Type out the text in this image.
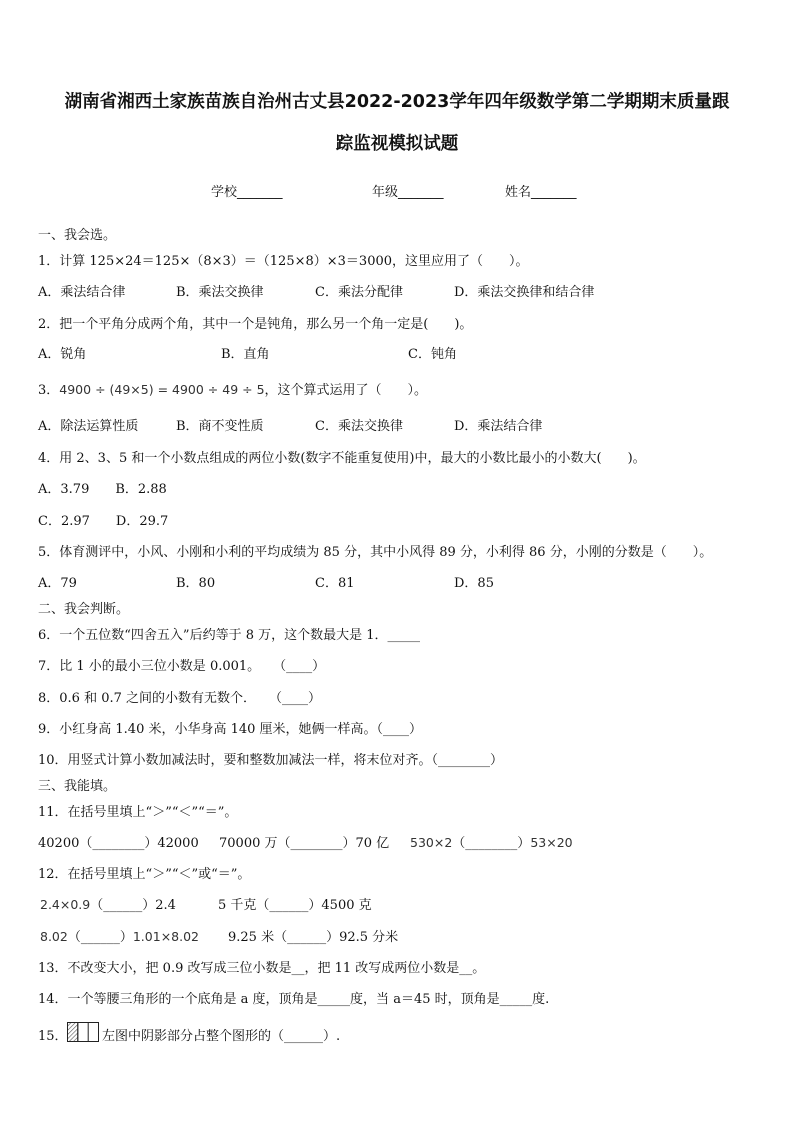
湖南省湘西土家族苗族自治州古丈县2022-2023学年四年级数学第二学期期末质量跟
踪监视模拟试题
学校_______	年级_______	姓名_______
一、我会选。
1．计算 125×24＝125×（8×3）＝（125×8）×3＝3000，这里应用了（　　）。
A．乘法结合律	B．乘法交换律	C．乘法分配律	D．乘法交换律和结合律
2．把一个平角分成两个角，其中一个是钝角，那么另一个角一定是(　　)。
A．锐角	B．直角	C．钝角
3．4900 ÷ (49×5) = 4900 ÷ 49 ÷ 5，这个算式运用了（　　）。
A．除法运算性质	B．商不变性质	C．乘法交换律	D．乘法结合律
4．用 2、3、5 和一个小数点组成的两位小数(数字不能重复使用)中，最大的小数比最小的小数大(　　)。
A．3.79　　B．2.88
C．2.97　　D．29.7
5．体育测评中，小风、小刚和小利的平均成绩为 85 分，其中小风得 89 分，小利得 86 分，小刚的分数是（　　）。
A．79	B．80	C．81	D．85
二、我会判断。
6．一个五位数“四舍五入”后约等于 8 万，这个数最大是 1．_____
7．比 1 小的最小三位小数是 0.001。　　（____）
8．0.6 和 0.7 之间的小数有无数个．　　（____）
9．小红身高 1.40 米，小华身高 140 厘米，她俩一样高。（____）
10．用竖式计算小数加减法时，要和整数加减法一样，将末位对齐。（________）
三、我能填。
11．在括号里填上“＞”“＜”“＝”。
40200（________）42000 70000 万（________）70 亿 530×2（________）53×20
12．在括号里填上“＞”“＜”或“＝”。
2.4×0.9（______）2.4	5 千克（______）4500 克
8.02（______）1.01×8.02 9.25 米（______）92.5 分米
13．不改变大小，把 0.9 改写成三位小数是__，把 11 改写成两位小数是__。
14．一个等腰三角形的一个底角是 a 度，顶角是_____度，当 a＝45 时，顶角是_____度.
15．	左图中阴影部分占整个图形的（______）.
